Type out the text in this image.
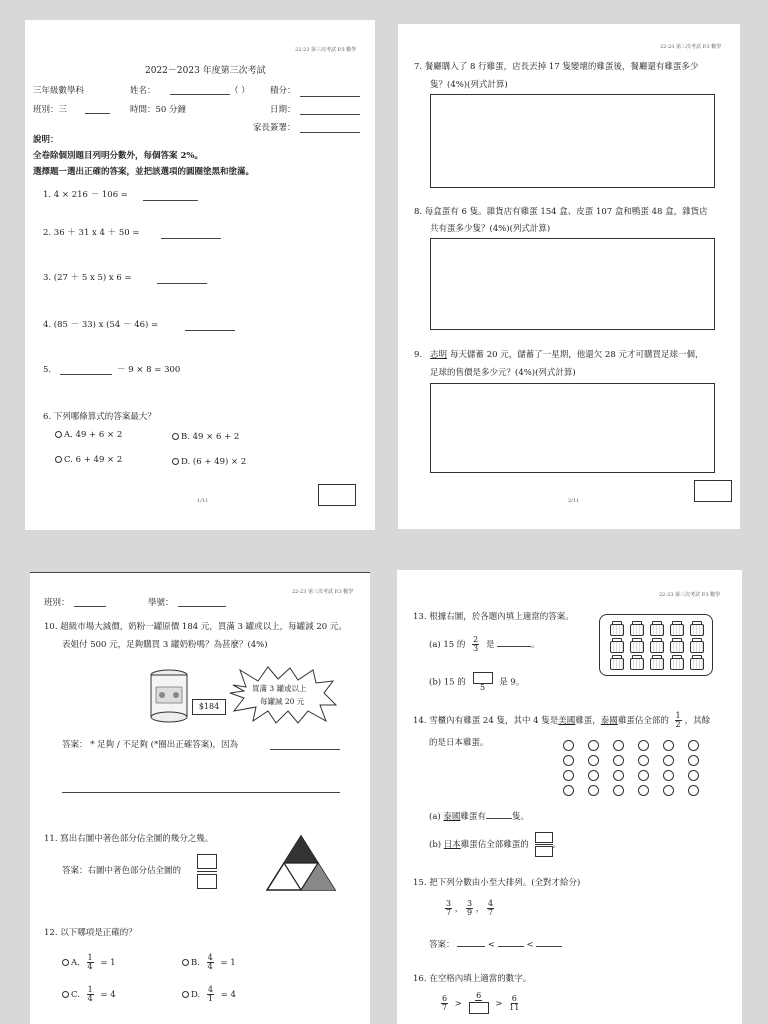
22-23 第三次考試 P.3 數學
2022－2023 年度第三次考試
三年級數學科	姓名：	（ ） 積分：
班別：三	時間：50 分鐘	日期：
家長簽署：
說明：
全卷除個別題目列明分數外，每個答案 2%。
選擇題一選出正確的答案，並把該選項的圓圈塗黑和塗滿。
1. 4 × 216 － 106 =
2. 36 ＋ 31 x 4 ＋ 50 =
3. (27 ＋ 5 x 5) x 6 =
4. (85 － 33) x (54 － 46) =
5.	－ 9 × 8 = 300
6. 下列哪條算式的答案最大？
A. 49 + 6 × 2	B. 49 × 6 + 2
C. 6 + 49 × 2	D. (6 + 49) × 2
1/11
22-23 第三次考試 P.3 數學
7. 餐廳購入了 8 行雞蛋，店長丟掉 17 隻變壞的雞蛋後，餐廳還有雞蛋多少
隻？(4%)(列式計算)
8. 每盒蛋有 6 隻。雜貨店有雞蛋 154 盒、皮蛋 107 盒和鴨蛋 48 盒，雜貨店
共有蛋多少隻？(4%)(列式計算)
9. 志明 每天儲蓄 20 元，儲蓄了一星期，他還欠 28 元才可購買足球一個，
足球的售價是多少元？(4%)(列式計算)
2/11
22-23 第三次考試 P.3 數學
班別：	學號：
10. 超級市場大減價，奶粉一罐原價 184 元，買滿 3 罐或以上，每罐減 20 元。
表姐付 500 元，足夠購買 3 罐奶粉嗎？為甚麼？(4%)
$184
買滿 3 罐或以上
每罐減 20 元
答案： * 足夠 / 不足夠 (*圈出正確答案)，因為
11. 寫出右圖中著色部分佔全圖的幾分之幾。
答案：右圖中著色部分佔全圖的
12. 以下哪項是正確的？
A. $\frac{1}{4} = 1$	B. $\frac{4}{4} = 1$
C. $\frac{1}{4} = 4$	D. $\frac{4}{1} = 4$
22-23 第三次考試 P.3 數學
13. 根據右圖，於各題內填上適當的答案。
(a) 15 的 $\frac{2}{3}$ 是	。
(b) 15 的 5 是 9。
14. 雪櫃內有雞蛋 24 隻，其中 4 隻是美國雞蛋，泰國雞蛋佔全部的 $\frac{1}{2}$ ，其餘
的是日本雞蛋。
(a) 泰國雞蛋有	隻。
(b) 日本雞蛋佔全部雞蛋的	。
15. 把下列分數由小至大排列。(全對才給分)
$\frac{3}{7}$ ， $\frac{3}{9}$ ， $\frac{4}{7}$
答案：	<	<
16. 在空格內填上適當的數字。
$\frac{6}{7}$ >
6
> $\frac{6}{11}$
